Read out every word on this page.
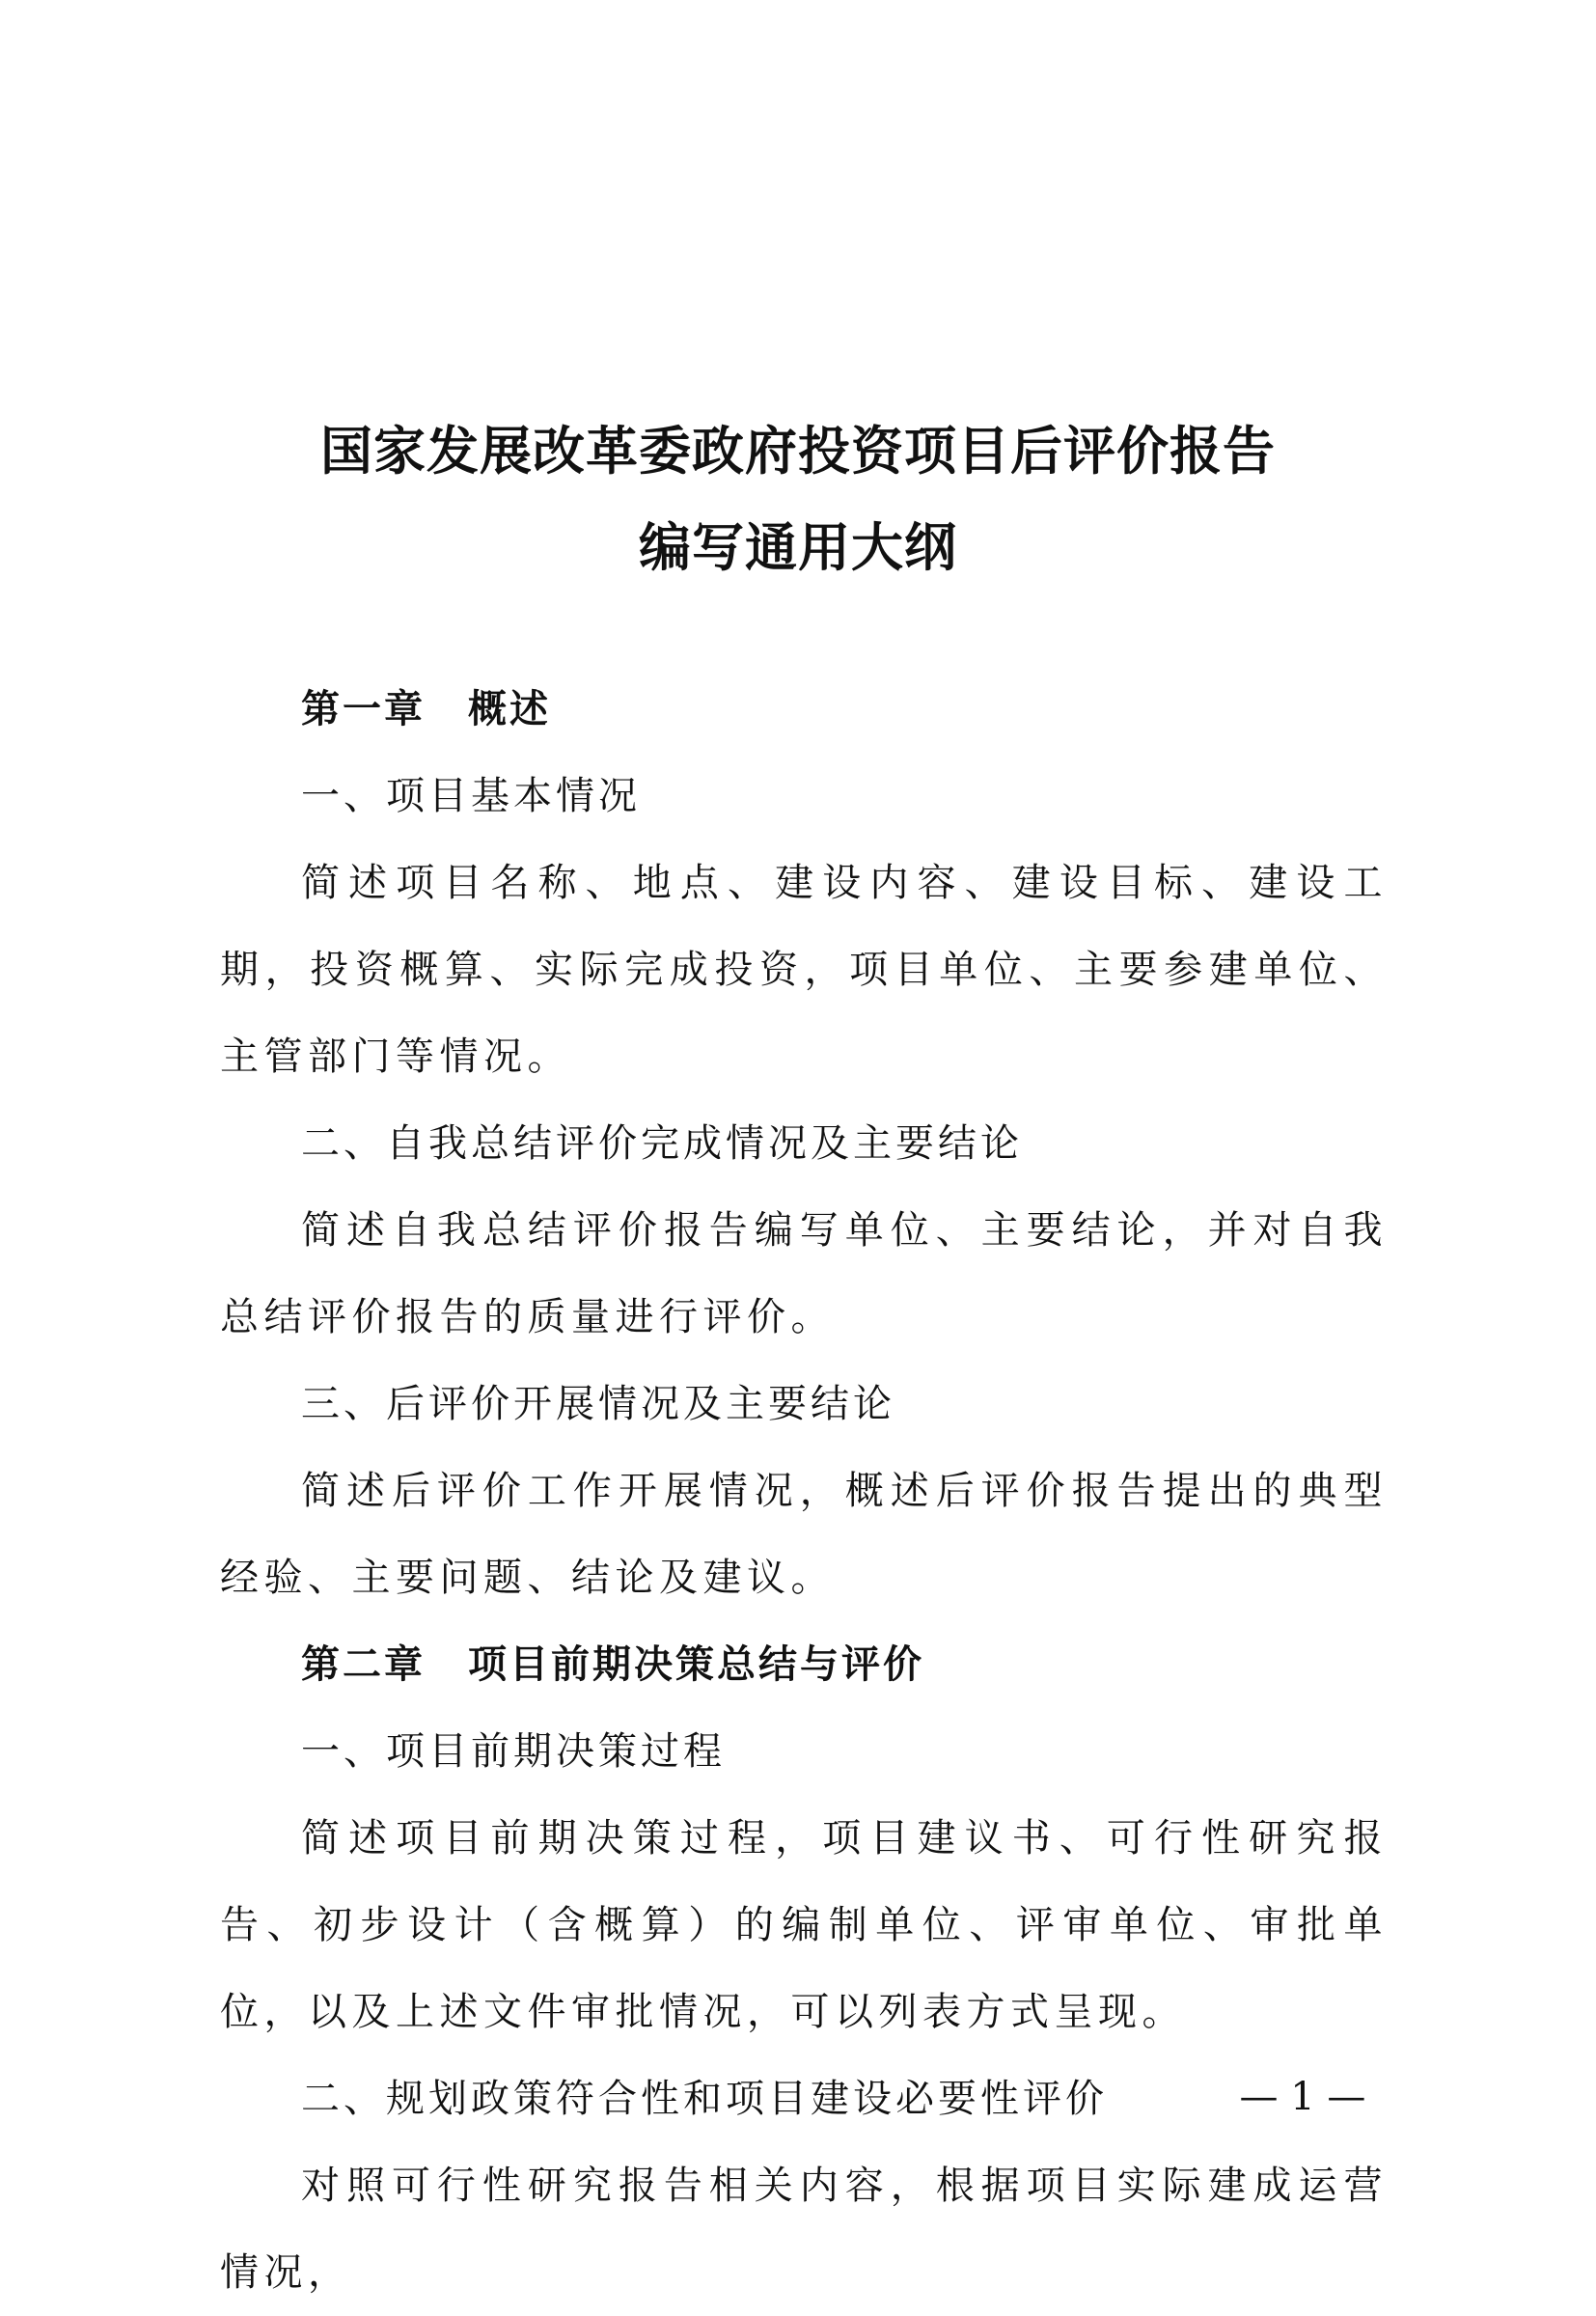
国家发展改革委政府投资项目后评价报告
编写通用大纲
第一章 概述
一、项目基本情况
简述项目名称、地点、建设内容、建设目标、建设工期，投资概算、实际完成投资，项目单位、主要参建单位、主管部门等情况。
二、自我总结评价完成情况及主要结论
简述自我总结评价报告编写单位、主要结论，并对自我总结评价报告的质量进行评价。
三、后评价开展情况及主要结论
简述后评价工作开展情况，概述后评价报告提出的典型经验、主要问题、结论及建议。
第二章 项目前期决策总结与评价
一、项目前期决策过程
简述项目前期决策过程，项目建议书、可行性研究报告、初步设计（含概算）的编制单位、评审单位、审批单位，以及上述文件审批情况，可以列表方式呈现。
二、规划政策符合性和项目建设必要性评价
对照可行性研究报告相关内容，根据项目实际建成运营情况，
— 1 —
